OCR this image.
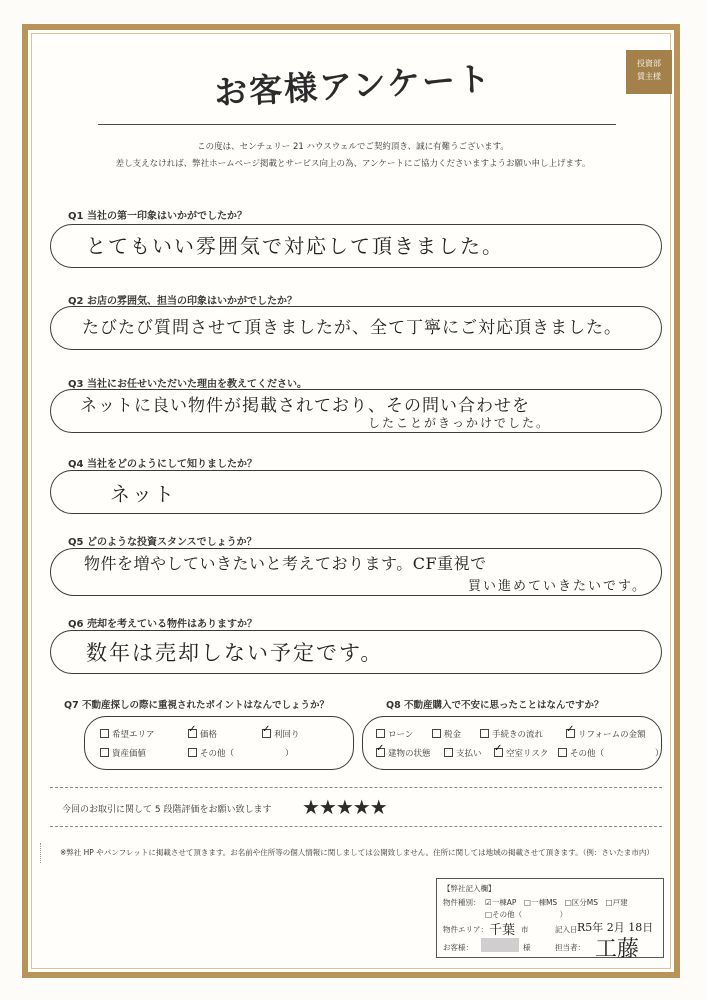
投資部
賃主様
お客様アンケート
この度は、センチュリー 21 ハウスウェルでご契約頂き、誠に有難うございます。
差し支えなければ、弊社ホームページ掲載とサービス向上の為、アンケートにご協力くださいますようお願い申し上げます。
Q1 当社の第一印象はいかがでしたか？
とてもいい雰囲気で対応して頂きました。
Q2 お店の雰囲気、担当の印象はいかがでしたか？
たびたび質問させて頂きましたが、全て丁寧にご対応頂きました。
Q3 当社にお任せいただいた理由を教えてください。
ネットに良い物件が掲載されており、その問い合わせを
したことがきっかけでした。
Q4 当社をどのようにして知りましたか？
ネット
Q5 どのような投資スタンスでしょうか？
物件を増やしていきたいと考えております。CF重視で
買い進めていきたいです。
Q6 売却を考えている物件はありますか？
数年は売却しない予定です。
Q7 不動産探しの際に重視されたポイントはなんでしょうか？
希望エリア ✓	価格 ✓	利回り
資産価値	その他（　　　　　　）
Q8 不動産購入で不安に思ったことはなんですか？
ローン	税金	手続きの流れ ✓	リフォームの金額
✓建物の状態	支払い ✓	空室リスク	その他（　　　　　　）
今回のお取引に関して 5 段階評価をお願い致します ★★★★★
※弊社 HP やパンフレットに掲載させて頂きます。お名前や住所等の個人情報に関しましては公開致しません。住所に関しては地域の掲載させて頂きます。（例：さいたま市内）
【弊社記入欄】
物件種別： ☑一棟AP　□一棟MS　□区分MS　□戸建
□その他（　　　　　）
物件エリア： 千葉 市	記入日 R5年 2月 18日
お客様：	様	担当者： 工藤
